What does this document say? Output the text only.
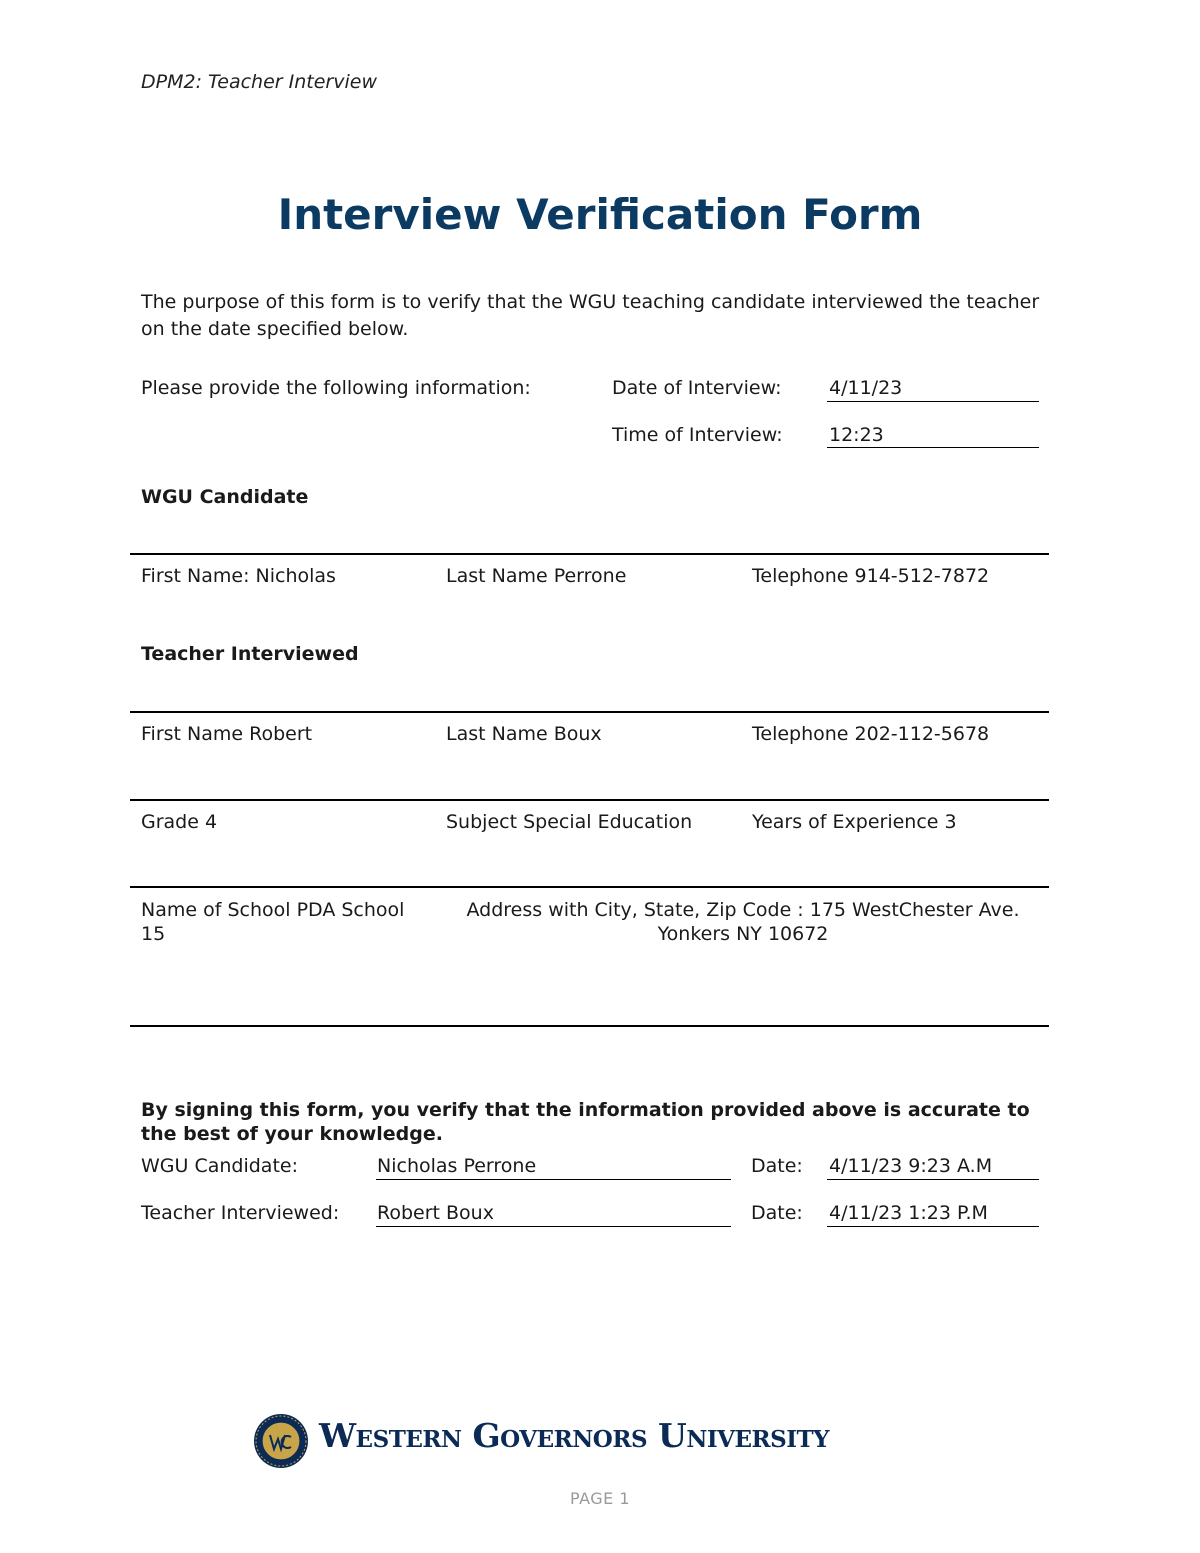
DPM2: Teacher Interview
Interview Verification Form
The purpose of this form is to verify that the WGU teaching candidate interviewed the teacher on the date specified below.
Please provide the following information:	Date of Interview: 4/11/23
Time of Interview: 12:23
WGU Candidate
First Name: Nicholas	Last Name Perrone	Telephone 914-512-7872
Teacher Interviewed
First Name Robert	Last Name Boux	Telephone 202-112-5678
Grade 4	Subject Special Education	Years of Experience 3
Name of School PDA School 15
Address with City, State, Zip Code : 175 WestChester Ave. Yonkers NY 10672
By signing this form, you verify that the information provided above is accurate to the best of your knowledge.
WGU Candidate:	Nicholas Perrone	Date: 4/11/23 9:23 A.M
Teacher Interviewed: Robert Boux	Date: 4/11/23 1:23 P.M
Western Governors University
PAGE 1
